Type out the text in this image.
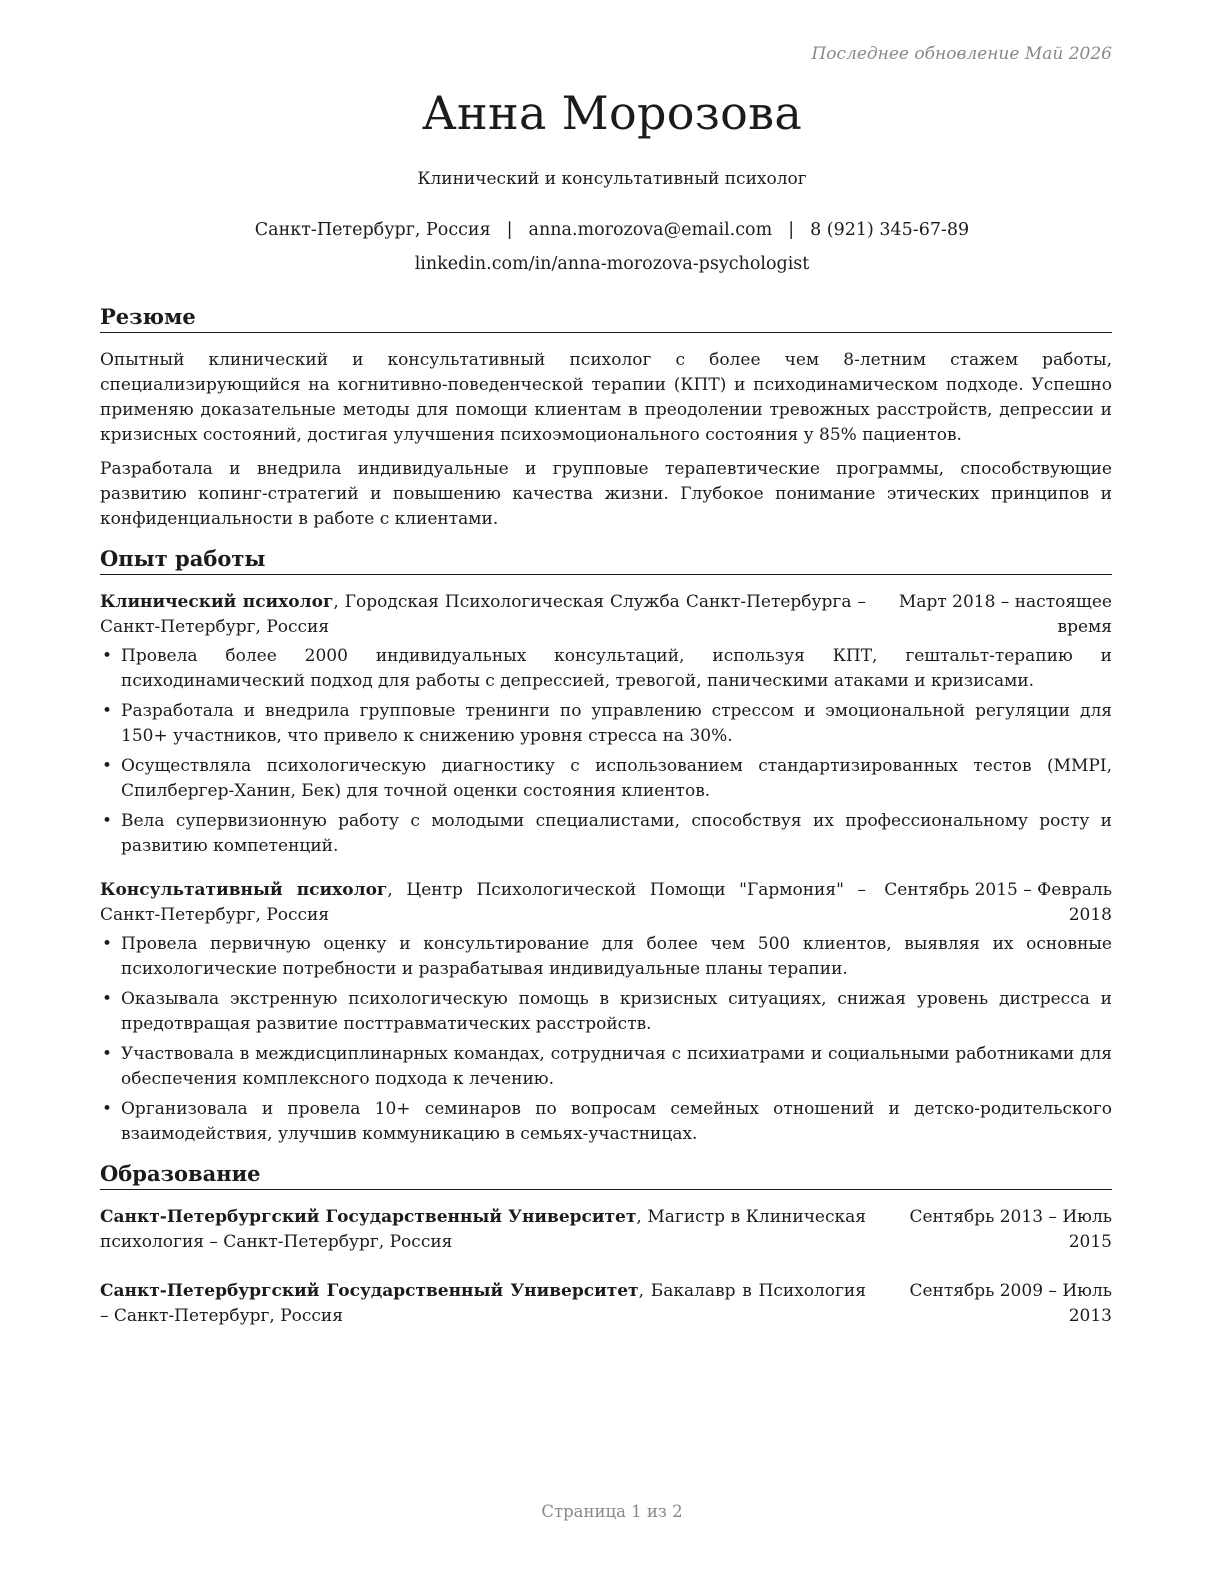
Последнее обновление Май 2026
Анна Морозова
Клинический и консультативный психолог
Санкт-Петербург, Россия | anna.morozova@email.com | 8 (921) 345-67-89
linkedin.com/in/anna-morozova-psychologist
Резюме

Опытный клинический и консультативный психолог с более чем 8-летним стажем работы, специализирующийся на когнитивно-поведенческой терапии (КПТ) и психодинамическом подходе. Успешно применяю доказательные методы для помощи клиентам в преодолении тревожных расстройств, депрессии и кризисных состояний, достигая улучшения психоэмоционального состояния у 85% пациентов.

Разработала и внедрила индивидуальные и групповые терапевтические программы, способствующие развитию копинг-стратегий и повышению качества жизни. Глубокое понимание этических принципов и конфиденциальности в работе с клиентами.

Опыт работы
Клинический психолог, Городская Психологическая Служба Санкт-Петербурга – Санкт-Петербург, Россия
Март 2018 – настоящее время
• Провела более 2000 индивидуальных консультаций, используя КПТ, гештальт-терапию и психодинамический подход для работы с депрессией, тревогой, паническими атаками и кризисами.
• Разработала и внедрила групповые тренинги по управлению стрессом и эмоциональной регуляции для 150+ участников, что привело к снижению уровня стресса на 30%.
• Осуществляла психологическую диагностику с использованием стандартизированных тестов (MMPI, Спилбергер-Ханин, Бек) для точной оценки состояния клиентов.
• Вела супервизионную работу с молодыми специалистами, способствуя их профессиональному росту и развитию компетенций.
Консультативный психолог, Центр Психологической Помощи "Гармония" – Санкт-Петербург, Россия
Сентябрь 2015 – Февраль 2018
• Провела первичную оценку и консультирование для более чем 500 клиентов, выявляя их основные психологические потребности и разрабатывая индивидуальные планы терапии.
• Оказывала экстренную психологическую помощь в кризисных ситуациях, снижая уровень дистресса и предотвращая развитие посттравматических расстройств.
• Участвовала в междисциплинарных командах, сотрудничая с психиатрами и социальными работниками для обеспечения комплексного подхода к лечению.
• Организовала и провела 10+ семинаров по вопросам семейных отношений и детско-родительского взаимодействия, улучшив коммуникацию в семьях-участницах.
Образование
Санкт-Петербургский Государственный Университет, Магистр в Клиническая психология – Санкт-Петербург, Россия
Сентябрь 2013 – Июль 2015
Санкт-Петербургский Государственный Университет, Бакалавр в Психология – Санкт-Петербург, Россия
Сентябрь 2009 – Июль 2013
Страница 1 из 2
